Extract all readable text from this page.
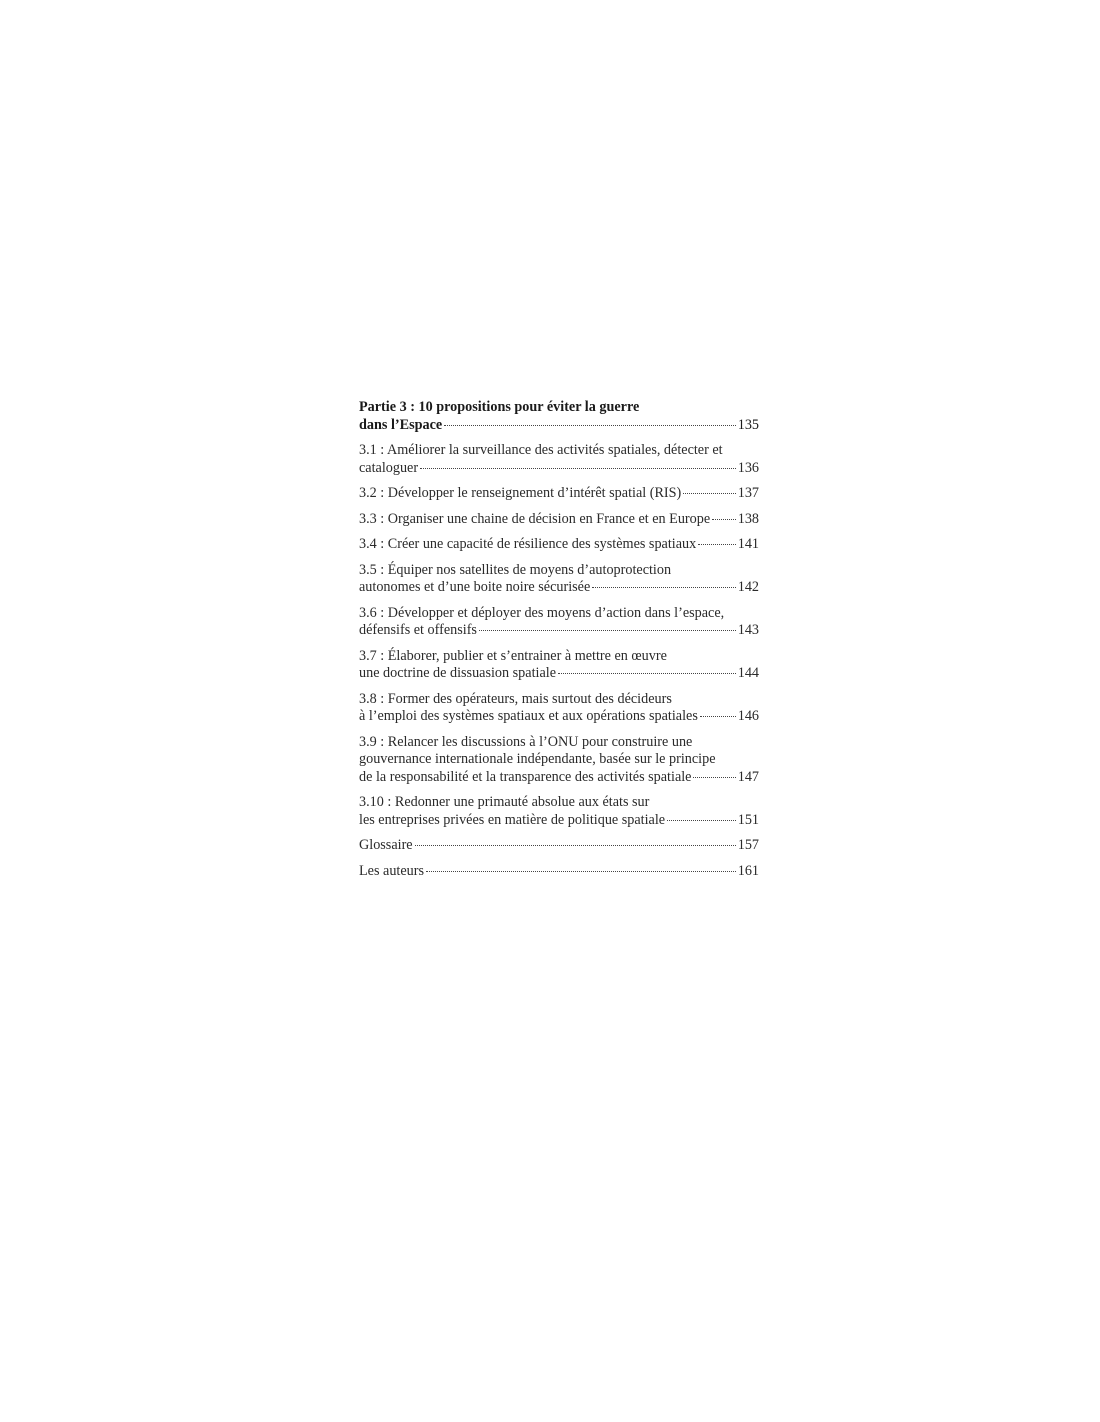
Partie 3 : 10 propositions pour éviter la guerre
dans l’Espace	135
3.1 : Améliorer la surveillance des activités spatiales, détecter et
cataloguer	136
3.2 : Développer le renseignement d’intérêt spatial (RIS)	137
3.3 : Organiser une chaine de décision en France et en Europe 138
3.4 : Créer une capacité de résilience des systèmes spatiaux	141
3.5 : Équiper nos satellites de moyens d’autoprotection
autonomes et d’une boite noire sécurisée	142
3.6 : Développer et déployer des moyens d’action dans l’espace,
défensifs et offensifs	143
3.7 : Élaborer, publier et s’entrainer à mettre en œuvre
une doctrine de dissuasion spatiale	144
3.8 : Former des opérateurs, mais surtout des décideurs
à l’emploi des systèmes spatiaux et aux opérations spatiales	146
3.9 : Relancer les discussions à l’ONU pour construire une
gouvernance internationale indépendante, basée sur le principe
de la responsabilité et la transparence des activités spatiale	147
3.10 : Redonner une primauté absolue aux états sur
les entreprises privées en matière de politique spatiale	151
Glossaire	157
Les auteurs	161
